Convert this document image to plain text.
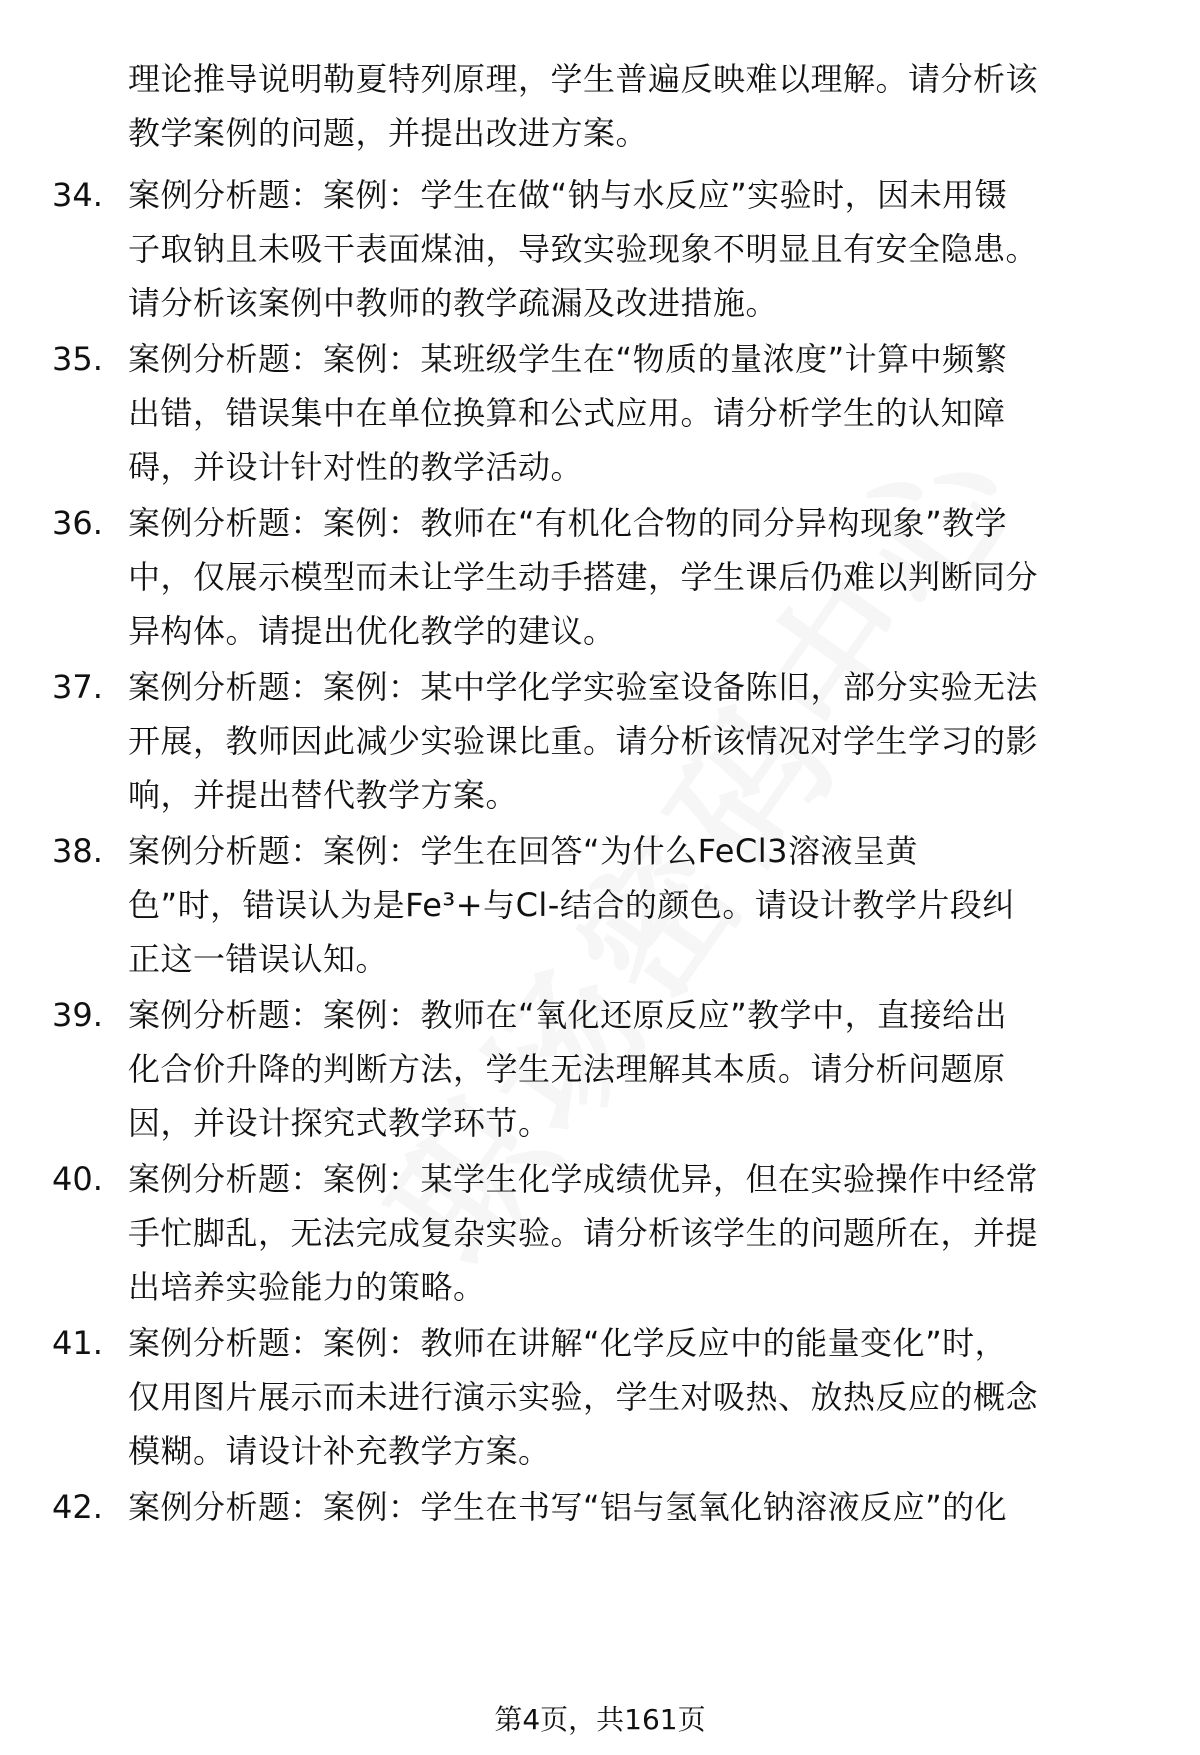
理论推导说明勒夏特列原理，学生普遍反映难以理解。请分析该
教学案例的问题，并提出改进方案。
34. 案例分析题：案例：学生在做“钠与水反应”实验时，因未用镊
子取钠且未吸干表面煤油，导致实验现象不明显且有安全隐患。
请分析该案例中教师的教学疏漏及改进措施。
35. 案例分析题：案例：某班级学生在“物质的量浓度”计算中频繁
出错，错误集中在单位换算和公式应用。请分析学生的认知障
碍，并设计针对性的教学活动。
36. 案例分析题：案例：教师在“有机化合物的同分异构现象”教学
中，仅展示模型而未让学生动手搭建，学生课后仍难以判断同分
异构体。请提出优化教学的建议。
37. 案例分析题：案例：某中学化学实验室设备陈旧，部分实验无法
开展，教师因此减少实验课比重。请分析该情况对学生学习的影
响，并提出替代教学方案。
38. 案例分析题：案例：学生在回答“为什么FeCl3溶液呈黄
色”时，错误认为是Fe³+与Cl-结合的颜色。请设计教学片段纠
正这一错误认知。
39. 案例分析题：案例：教师在“氧化还原反应”教学中，直接给出
化合价升降的判断方法，学生无法理解其本质。请分析问题原
因，并设计探究式教学环节。
40. 案例分析题：案例：某学生化学成绩优异，但在实验操作中经常
手忙脚乱，无法完成复杂实验。请分析该学生的问题所在，并提
出培养实验能力的策略。
41. 案例分析题：案例：教师在讲解“化学反应中的能量变化”时，
仅用图片展示而未进行演示实验，学生对吸热、放热反应的概念
模糊。请设计补充教学方案。
42. 案例分析题：案例：学生在书写“铝与氢氧化钠溶液反应”的化
第4页，共161页
